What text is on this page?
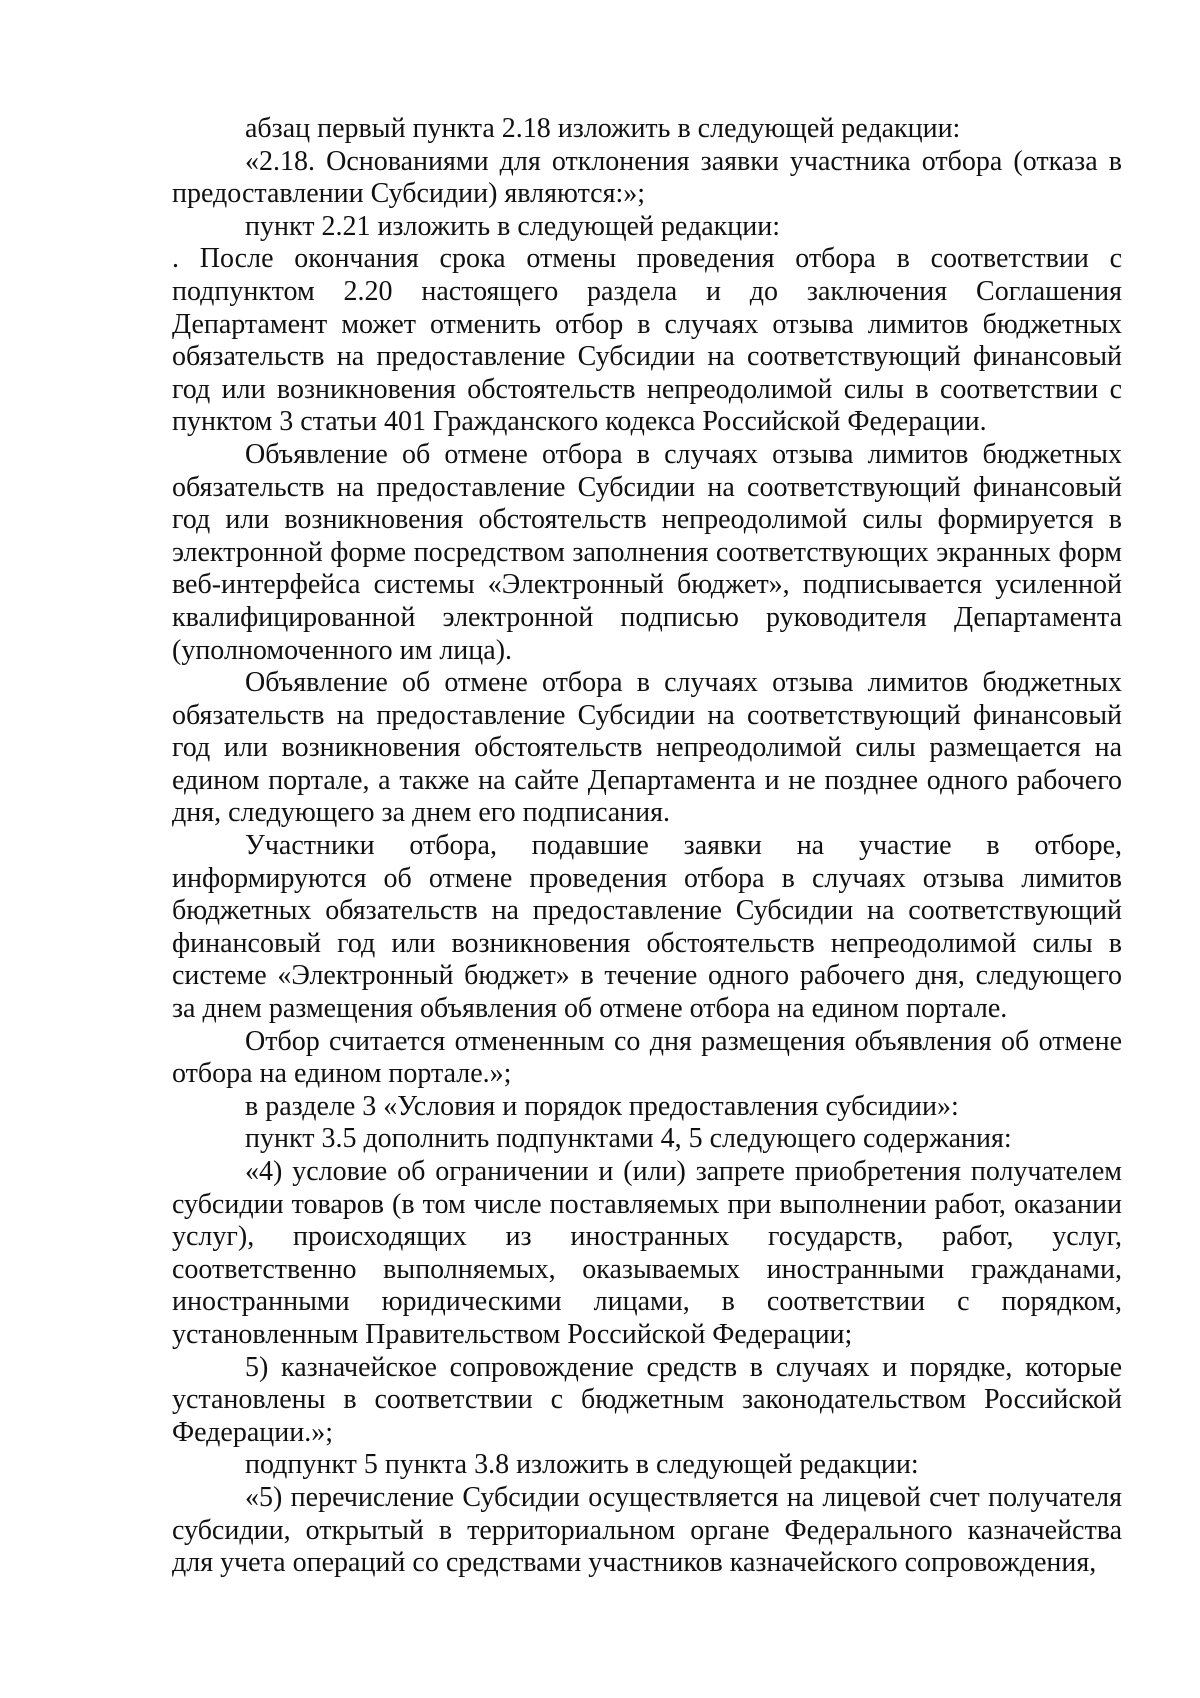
абзац первый пункта 2.18 изложить в следующей редакции:

«2.18. Основаниями для отклонения заявки участника отбора (отказа в предоставлении Субсидии) являются:»;

пункт 2.21 изложить в следующей редакции:

. После окончания срока отмены проведения отбора в соответствии с подпунктом 2.20 настоящего раздела и до заключения Соглашения Департамент может отменить отбор в случаях отзыва лимитов бюджетных обязательств на предоставление Субсидии на соответствующий финансовый год или возникновения обстоятельств непреодолимой силы в соответствии с пунктом 3 статьи 401 Гражданского кодекса Российской Федерации.

Объявление об отмене отбора в случаях отзыва лимитов бюджетных обязательств на предоставление Субсидии на соответствующий финансовый год или возникновения обстоятельств непреодолимой силы формируется в электронной форме посредством заполнения соответствующих экранных форм веб-интерфейса системы «Электронный бюджет», подписывается усиленной квалифицированной электронной подписью руководителя Департамента (уполномоченного им лица).

Объявление об отмене отбора в случаях отзыва лимитов бюджетных обязательств на предоставление Субсидии на соответствующий финансовый год или возникновения обстоятельств непреодолимой силы размещается на едином портале, а также на сайте Департамента и не позднее одного рабочего дня, следующего за днем его подписания.

Участники отбора, подавшие заявки на участие в отборе, информируются об отмене проведения отбора в случаях отзыва лимитов бюджетных обязательств на предоставление Субсидии на соответствующий финансовый год или возникновения обстоятельств непреодолимой силы в системе «Электронный бюджет» в течение одного рабочего дня, следующего за днем размещения объявления об отмене отбора на едином портале.

Отбор считается отмененным со дня размещения объявления об отмене отбора на едином портале.»;

в разделе 3 «Условия и порядок предоставления субсидии»:

пункт 3.5 дополнить подпунктами 4, 5 следующего содержания:

«4) условие об ограничении и (или) запрете приобретения получателем субсидии товаров (в том числе поставляемых при выполнении работ, оказании услуг), происходящих из иностранных государств, работ, услуг, соответственно выполняемых, оказываемых иностранными гражданами, иностранными юридическими лицами, в соответствии с порядком, установленным Правительством Российской Федерации;

5) казначейское сопровождение средств в случаях и порядке, которые установлены в соответствии с бюджетным законодательством Российской Федерации.»;

подпункт 5 пункта 3.8 изложить в следующей редакции:

«5) перечисление Субсидии осуществляется на лицевой счет получателя субсидии, открытый в территориальном органе Федерального казначейства для учета операций со средствами участников казначейского сопровождения,
